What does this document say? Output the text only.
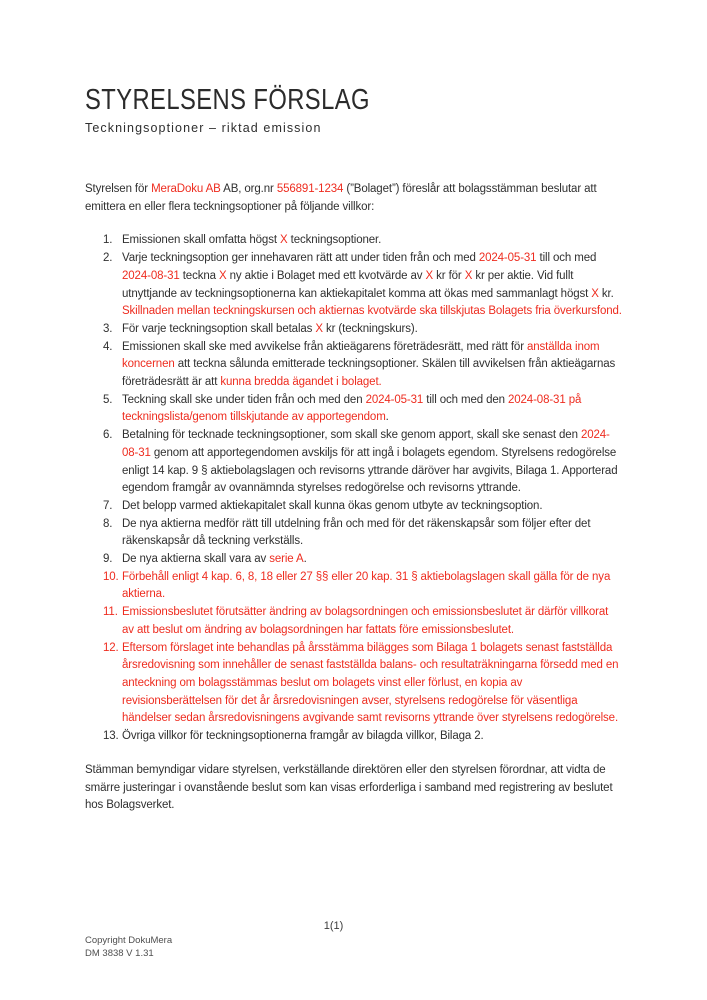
STYRELSENS FÖRSLAG
Teckningsoptioner – riktad emission

Styrelsen för MeraDoku AB AB, org.nr 556891-1234 (”Bolaget”) föreslår att bolagsstämman beslutar att emittera en eller flera teckningsoptioner på följande villkor:

1. Emissionen skall omfatta högst X teckningsoptioner.
2. Varje teckningsoption ger innehavaren rätt att under tiden från och med 2024-05-31 till och med 2024-08-31 teckna X ny aktie i Bolaget med ett kvotvärde av X kr för X kr per aktie. Vid fullt utnyttjande av teckningsoptionerna kan aktiekapitalet komma att ökas med sammanlagt högst X kr. Skillnaden mellan teckningskursen och aktiernas kvotvärde ska tillskjutas Bolagets fria överkursfond.
3. För varje teckningsoption skall betalas X kr (teckningskurs).
4. Emissionen skall ske med avvikelse från aktieägarens företrädesrätt, med rätt för anställda inom koncernen att teckna sålunda emitterade teckningsoptioner. Skälen till avvikelsen från aktieägarnas företrädesrätt är att kunna bredda ägandet i bolaget.
5. Teckning skall ske under tiden från och med den 2024-05-31 till och med den 2024-08-31 på teckningslista/genom tillskjutande av apportegendom.
6. Betalning för tecknade teckningsoptioner, som skall ske genom apport, skall ske senast den 2024-08-31 genom att apportegendomen avskiljs för att ingå i bolagets egendom. Styrelsens redogörelse enligt 14 kap. 9 § aktiebolagslagen och revisorns yttrande däröver har avgivits, Bilaga 1. Apporterad egendom framgår av ovannämnda styrelses redogörelse och revisorns yttrande.
7. Det belopp varmed aktiekapitalet skall kunna ökas genom utbyte av teckningsoption.
8. De nya aktierna medför rätt till utdelning från och med för det räkenskapsår som följer efter det räkenskapsår då teckning verkställs.
9. De nya aktierna skall vara av serie A.
10. Förbehåll enligt 4 kap. 6, 8, 18 eller 27 §§ eller 20 kap. 31 § aktiebolagslagen skall gälla för de nya aktierna.
11. Emissionsbeslutet förutsätter ändring av bolagsordningen och emissionsbeslutet är därför villkorat av att beslut om ändring av bolagsordningen har fattats före emissionsbeslutet.
12. Eftersom förslaget inte behandlas på årsstämma bilägges som Bilaga 1 bolagets senast fastställda årsredovisning som innehåller de senast fastställda balans- och resultaträkningarna försedd med en anteckning om bolagsstämmas beslut om bolagets vinst eller förlust, en kopia av revisionsberättelsen för det år årsredovisningen avser, styrelsens redogörelse för väsentliga händelser sedan årsredovisningens avgivande samt revisorns yttrande över styrelsens redogörelse.
13. Övriga villkor för teckningsoptionerna framgår av bilagda villkor, Bilaga 2.

Stämman bemyndigar vidare styrelsen, verkställande direktören eller den styrelsen förordnar, att vidta de smärre justeringar i ovanstående beslut som kan visas erforderliga i samband med registrering av beslutet hos Bolagsverket.

1(1)
Copyright DokuMera
DM 3838 V 1.31
